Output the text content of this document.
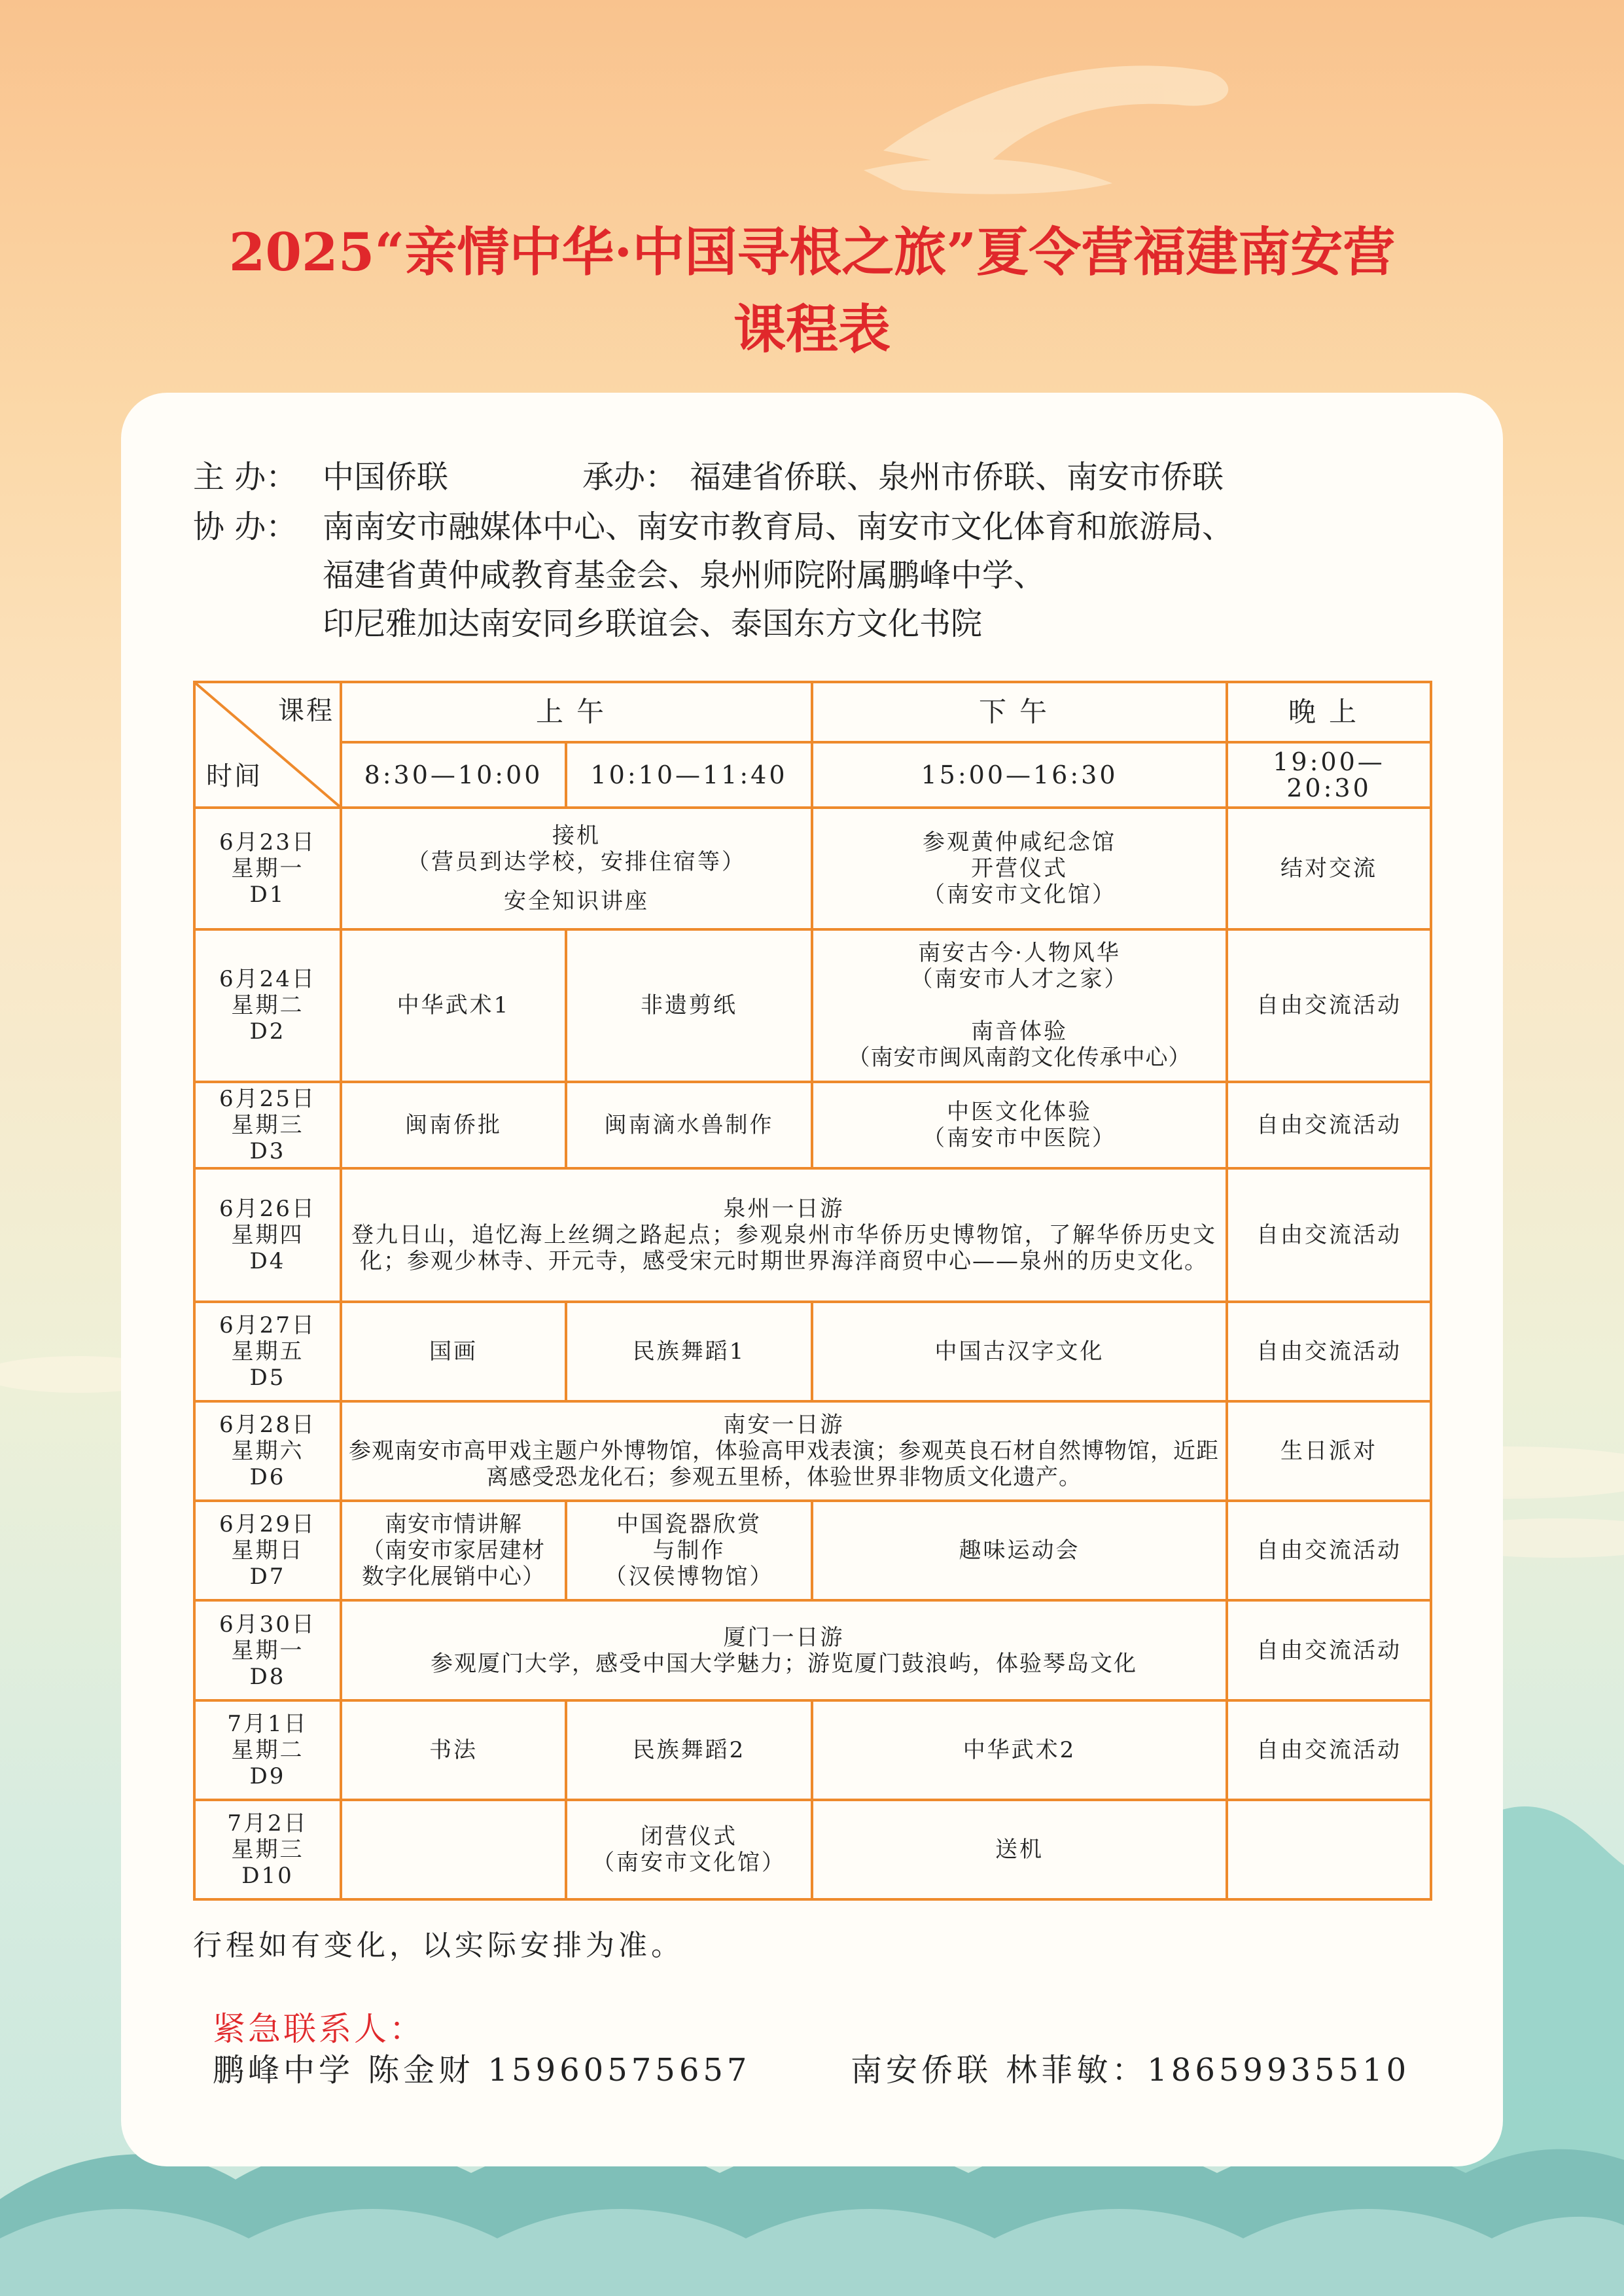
2025“亲情中华·中国寻根之旅”夏令营福建南安营
课程表
主 办： 中国侨联	承办： 福建省侨联、泉州市侨联、南安市侨联
协 办： 南南安市融媒体中心、南安市教育局、南安市文化体育和旅游局、
福建省黄仲咸教育基金会、泉州师院附属鹏峰中学、
印尼雅加达南安同乡联谊会、泰国东方文化书院
课程
时间	上午		下午	晚上
	8:30—10:00	10:10—11:40	15:00—16:30	19:00—20:30

6月23日
星期一
D1	接机
（营员到达学校，安排住宿等）
安全知识讲座		参观黄仲咸纪念馆
开营仪式
（南安市文化馆）	结对交流

6月24日
星期二
D2	中华武术1	非遗剪纸	南安古今·人物风华
（南安市人才之家）
南音体验
（南安市闽风南韵文化传承中心）	自由交流活动

6月25日
星期三
D3	闽南侨批	闽南滴水兽制作	中医文化体验
（南安市中医院）	自由交流活动

6月26日
星期四
D4	泉州一日游
登九日山，追忆海上丝绸之路起点；参观泉州市华侨历史博物馆，了解华侨历史文化；参观少林寺、开元寺，感受宋元时期世界海洋商贸中心——泉州的历史文化。			自由交流活动

6月27日
星期五
D5	国画	民族舞蹈1	中国古汉字文化	自由交流活动

6月28日
星期六
D6	南安一日游
参观南安市高甲戏主题户外博物馆，体验高甲戏表演；参观英良石材自然博物馆，近距离感受恐龙化石；参观五里桥，体验世界非物质文化遗产。			生日派对

6月29日
星期日
D7	南安市情讲解
（南安市家居建材
数字化展销中心）	中国瓷器欣赏
与制作
（汉侯博物馆）	趣味运动会	自由交流活动

6月30日
星期一
D8	厦门一日游
参观厦门大学，感受中国大学魅力；游览厦门鼓浪屿，体验琴岛文化			自由交流活动

7月1日
星期二
D9	书法	民族舞蹈2	中华武术2	自由交流活动

7月2日
星期三
D10		闭营仪式
（南安市文化馆）	送机	
行程如有变化，以实际安排为准。
紧急联系人：
鹏峰中学 陈金财 15960575657	南安侨联 林菲敏：18659935510
